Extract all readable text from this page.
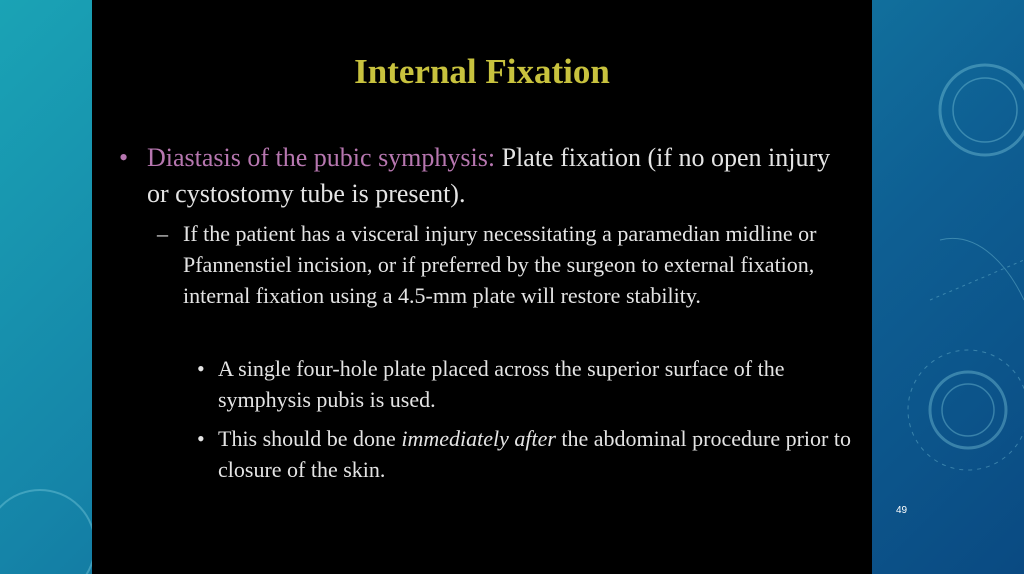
Internal Fixation
• Diastasis of the pubic symphysis: Plate fixation (if no open injury or cystostomy tube is present).
– If the patient has a visceral injury necessitating a paramedian midline or Pfannenstiel incision, or if preferred by the surgeon to external fixation, internal fixation using a 4.5-mm plate will restore stability.
• A single four-hole plate placed across the superior surface of the symphysis pubis is used.
• This should be done immediately after the abdominal procedure prior to closure of the skin.
49
